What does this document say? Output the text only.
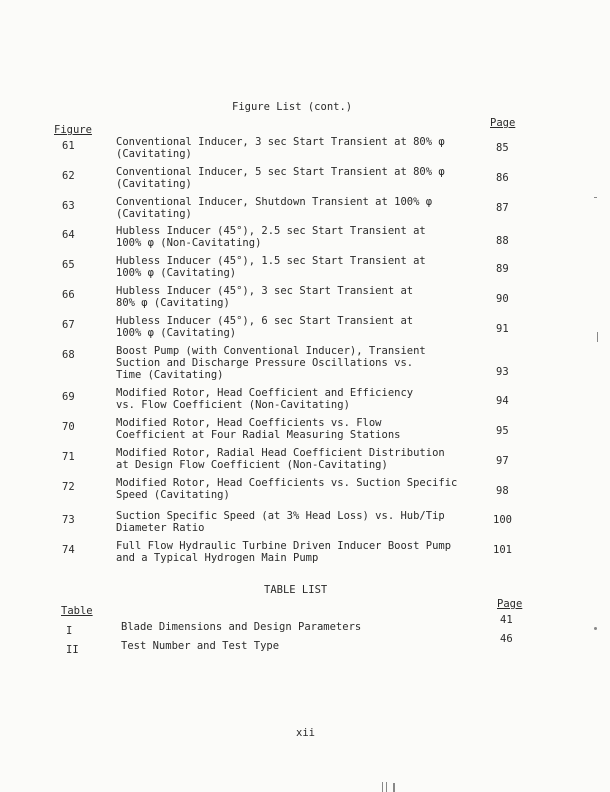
Figure List (cont.)
Figure
Page
61	Conventional Inducer, 3 sec Start Transient at 80% φ
(Cavitating)	85
62	Conventional Inducer, 5 sec Start Transient at 80% φ
(Cavitating)	86
63	Conventional Inducer, Shutdown Transient at 100% φ
(Cavitating)	87
64	Hubless Inducer (45°), 2.5 sec Start Transient at
100% φ (Non-Cavitating)	88
65	Hubless Inducer (45°), 1.5 sec Start Transient at
100% φ (Cavitating)	89
66	Hubless Inducer (45°), 3 sec Start Transient at
80% φ (Cavitating)	90
67	Hubless Inducer (45°), 6 sec Start Transient at
100% φ (Cavitating)	91
68	Boost Pump (with Conventional Inducer), Transient
Suction and Discharge Pressure Oscillations vs.
Time (Cavitating)	93
69	Modified Rotor, Head Coefficient and Efficiency
vs. Flow Coefficient (Non-Cavitating)	94
70	Modified Rotor, Head Coefficients vs. Flow
Coefficient at Four Radial Measuring Stations	95
71	Modified Rotor, Radial Head Coefficient Distribution
at Design Flow Coefficient (Non-Cavitating)	97
72	Modified Rotor, Head Coefficients vs. Suction Specific
Speed (Cavitating)	98
73	Suction Specific Speed (at 3% Head Loss) vs. Hub/Tip
Diameter Ratio
100
74	Full Flow Hydraulic Turbine Driven Inducer Boost Pump
and a Typical Hydrogen Main Pump
101
TABLE LIST
Table
Page
I	Blade Dimensions and Design Parameters
41
II	Test Number and Test Type
46
xii
